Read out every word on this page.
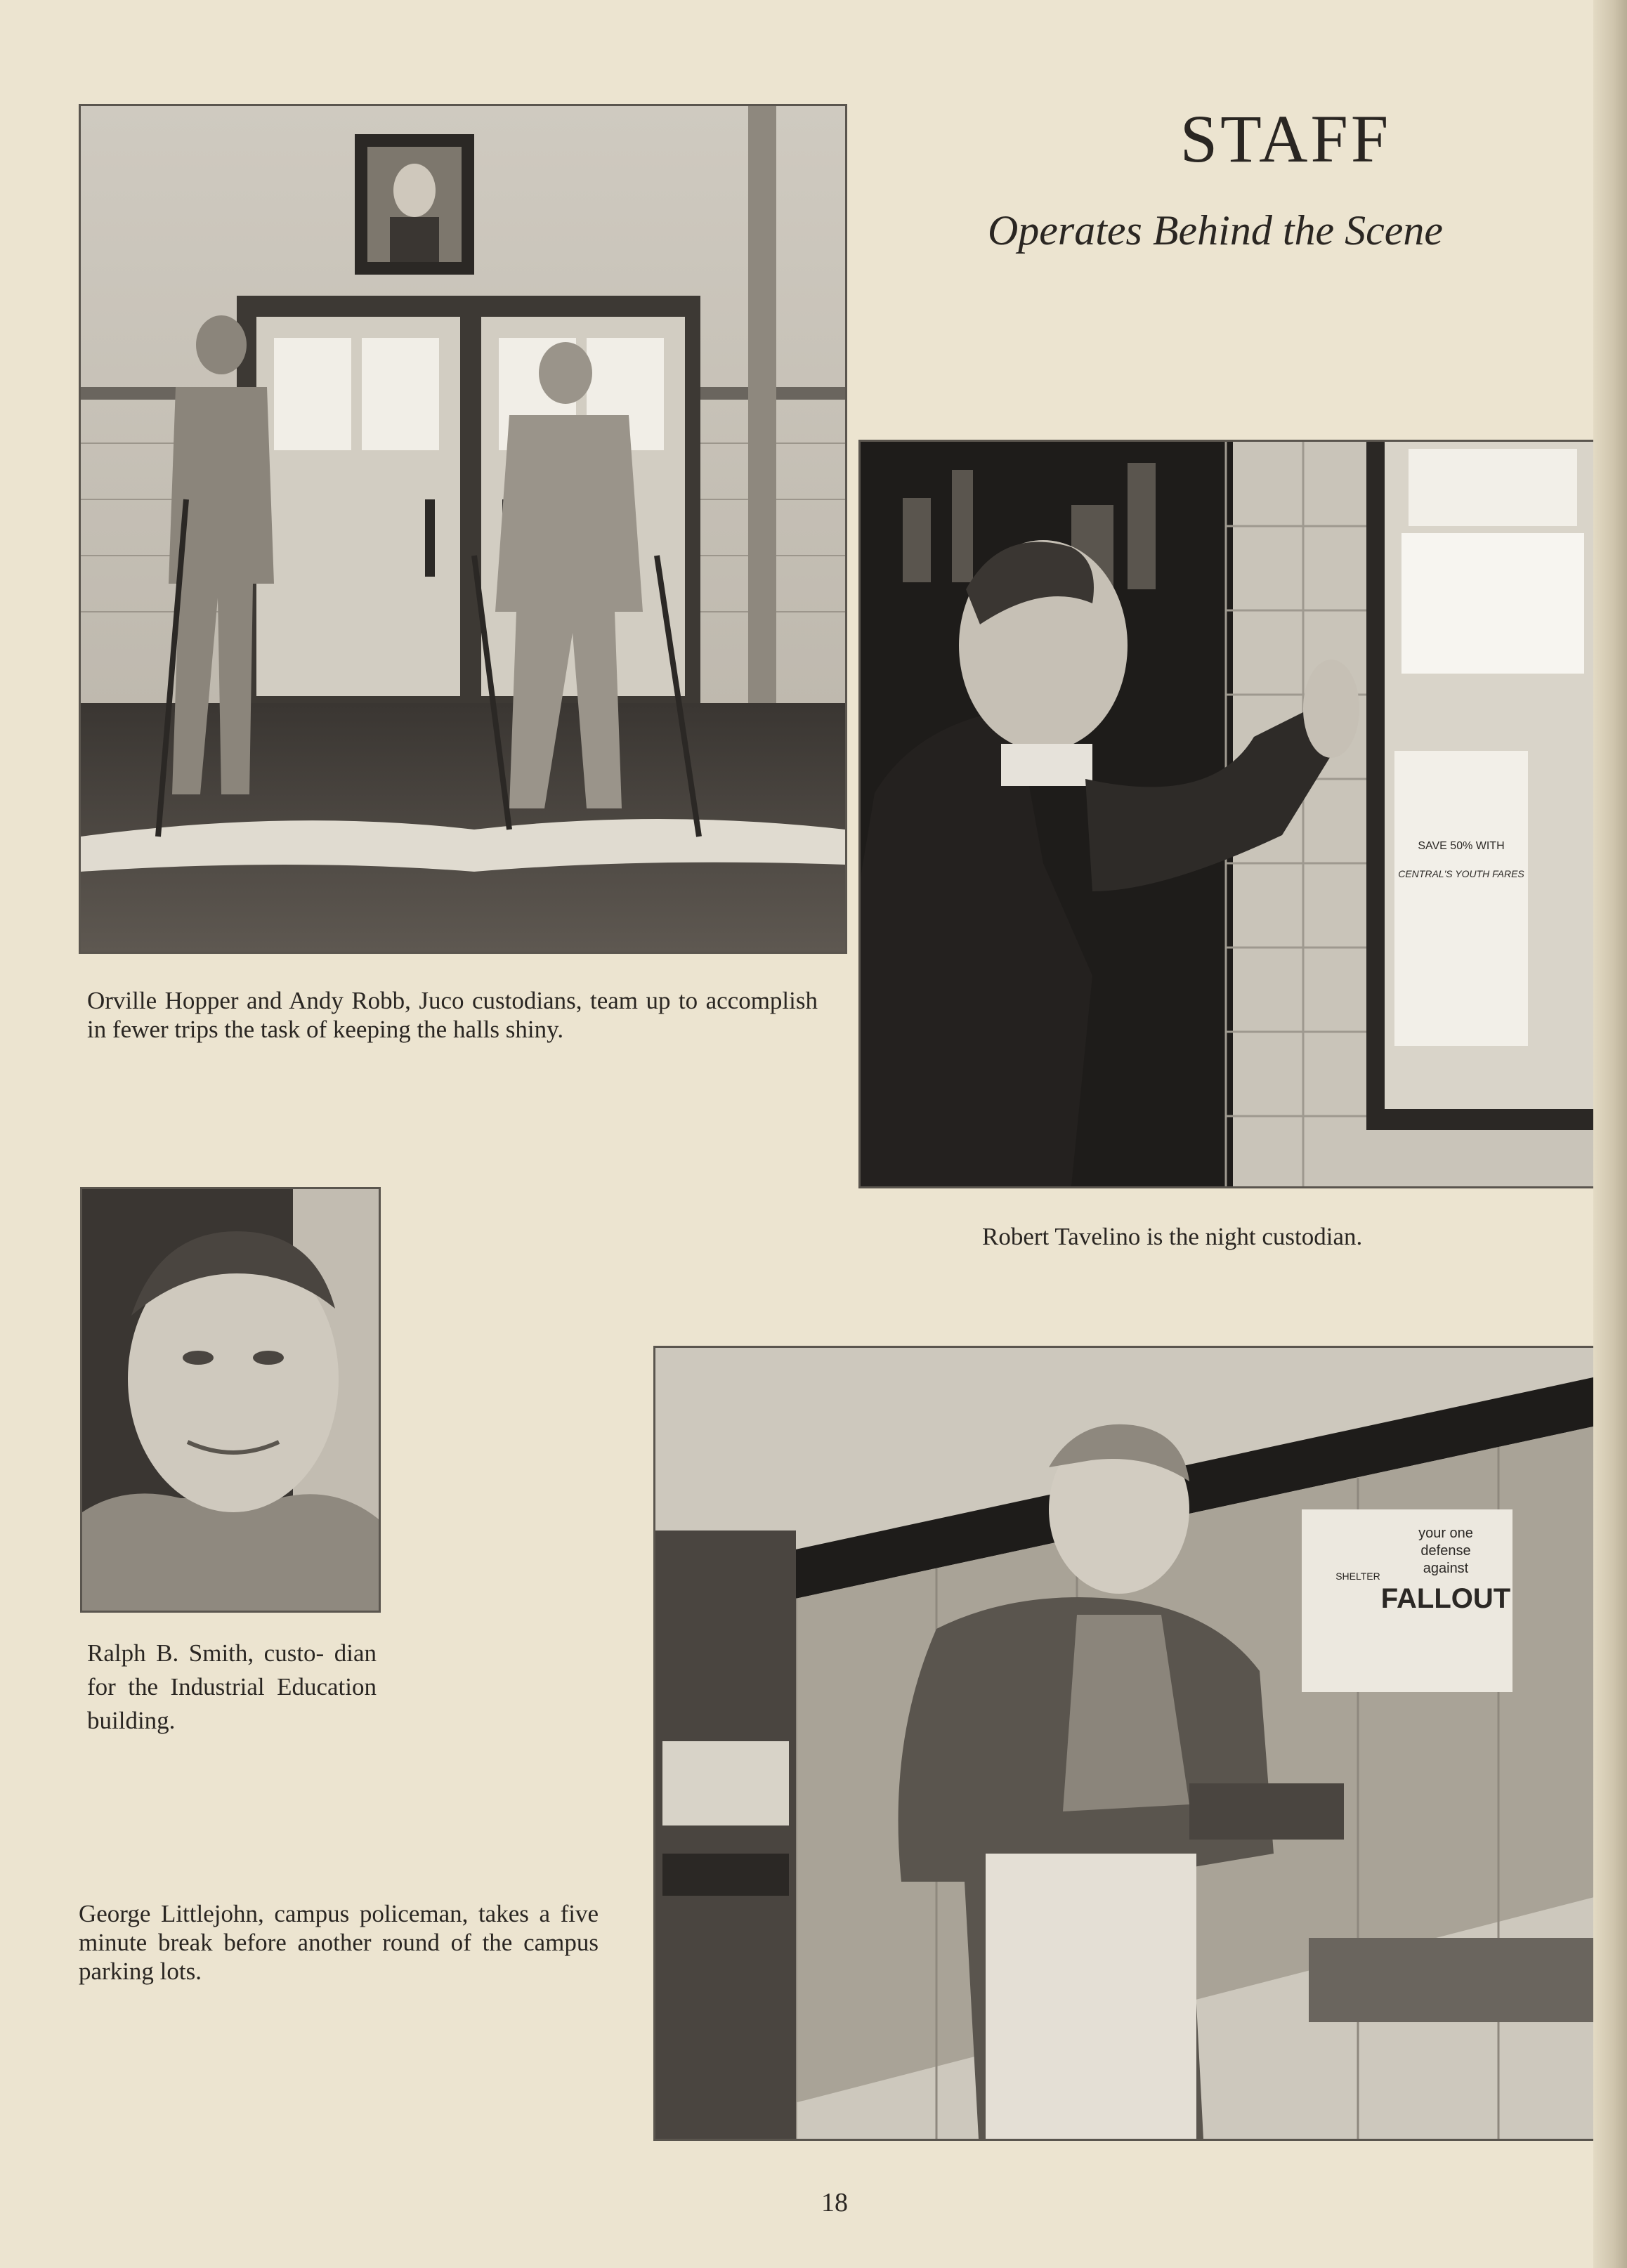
STAFF
Operates Behind the Scene
SAVE 50% WITH
CENTRAL'S YOUTH FARES
Orville Hopper and Andy Robb, Juco custodians, team up to accomplish in fewer trips the task of keeping the halls shiny.
Robert Tavelino is the night custodian.
Ralph B. Smith, custo- dian for the Industrial Education building.
your one
defense
against
FALLOUT
SHELTER
George Littlejohn, campus policeman, takes a five minute break before another round of the campus parking lots.
18
